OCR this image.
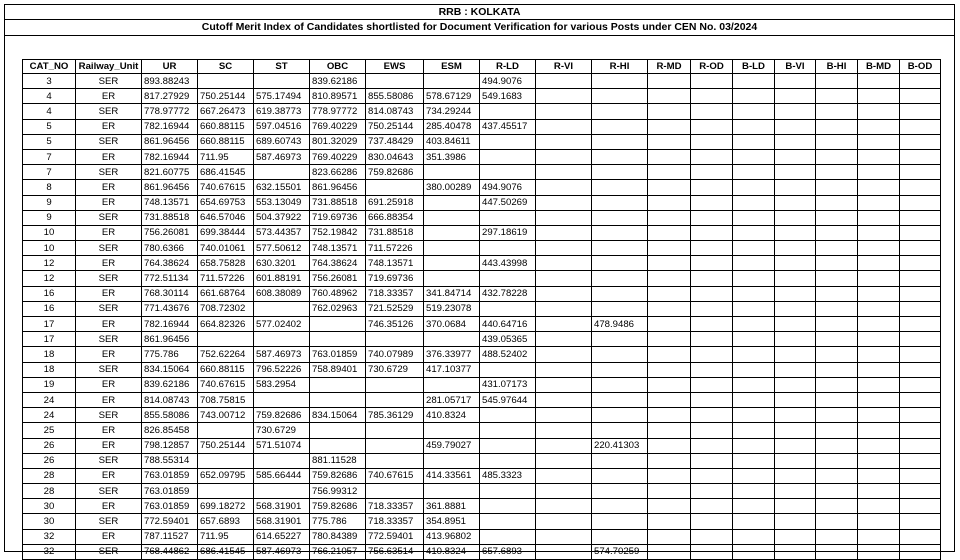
RRB : KOLKATA
Cutoff Merit Index of Candidates shortlisted for Document Verification for various Posts under CEN No. 03/2024
CAT_NO	Railway_Unit	UR	SC	ST	OBC	EWS	ESM	R-LD	R-VI	R-HI	R-MD	R-OD	B-LD	B-VI	B-HI	B-MD	B-OD
3	SER	893.88243			839.62186			494.9076									
4	ER	817.27929	750.25144	575.17494	810.89571	855.58086	578.67129	549.1683									
4	SER	778.97772	667.26473	619.38773	778.97772	814.08743	734.29244										
5	ER	782.16944	660.88115	597.04516	769.40229	750.25144	285.40478	437.45517									
5	SER	861.96456	660.88115	689.60743	801.32029	737.48429	403.84611										
7	ER	782.16944	711.95	587.46973	769.40229	830.04643	351.3986										
7	SER	821.60775	686.41545		823.66286	759.82686											
8	ER	861.96456	740.67615	632.15501	861.96456		380.00289	494.9076									
9	ER	748.13571	654.69753	553.13049	731.88518	691.25918		447.50269									
9	SER	731.88518	646.57046	504.37922	719.69736	666.88354											
10	ER	756.26081	699.38444	573.44357	752.19842	731.88518		297.18619									
10	SER	780.6366	740.01061	577.50612	748.13571	711.57226											
12	ER	764.38624	658.75828	630.3201	764.38624	748.13571		443.43998									
12	SER	772.51134	711.57226	601.88191	756.26081	719.69736											
16	ER	768.30114	661.68764	608.38089	760.48962	718.33357	341.84714	432.78228									
16	SER	771.43676	708.72302		762.02963	721.52529	519.23078										
17	ER	782.16944	664.82326	577.02402		746.35126	370.0684	440.64716		478.9486							
17	SER	861.96456						439.05365									
18	ER	775.786	752.62264	587.46973	763.01859	740.07989	376.33977	488.52402									
18	SER	834.15064	660.88115	796.52226	758.89401	730.6729	417.10377										
19	ER	839.62186	740.67615	583.2954				431.07173									
24	ER	814.08743	708.75815				281.05717	545.97644									
24	SER	855.58086	743.00712	759.82686	834.15064	785.36129	410.8324										
25	ER	826.85458		730.6729													
26	ER	798.12857	750.25144	571.51074			459.79027			220.41303							
26	SER	788.55314			881.11528												
28	ER	763.01859	652.09795	585.66444	759.82686	740.67615	414.33561	485.3323									
28	SER	763.01859			756.99312												
30	ER	763.01859	699.18272	568.31901	759.82686	718.33357	361.8881										
30	SER	772.59401	657.6893	568.31901	775.786	718.33357	354.8951										
32	ER	787.11527	711.95	614.65227	780.84389	772.59401	413.96802										
32	SER	768.44862	686.41545	587.46973	766.21057	756.63514	410.8324	657.6893		574.70259							
